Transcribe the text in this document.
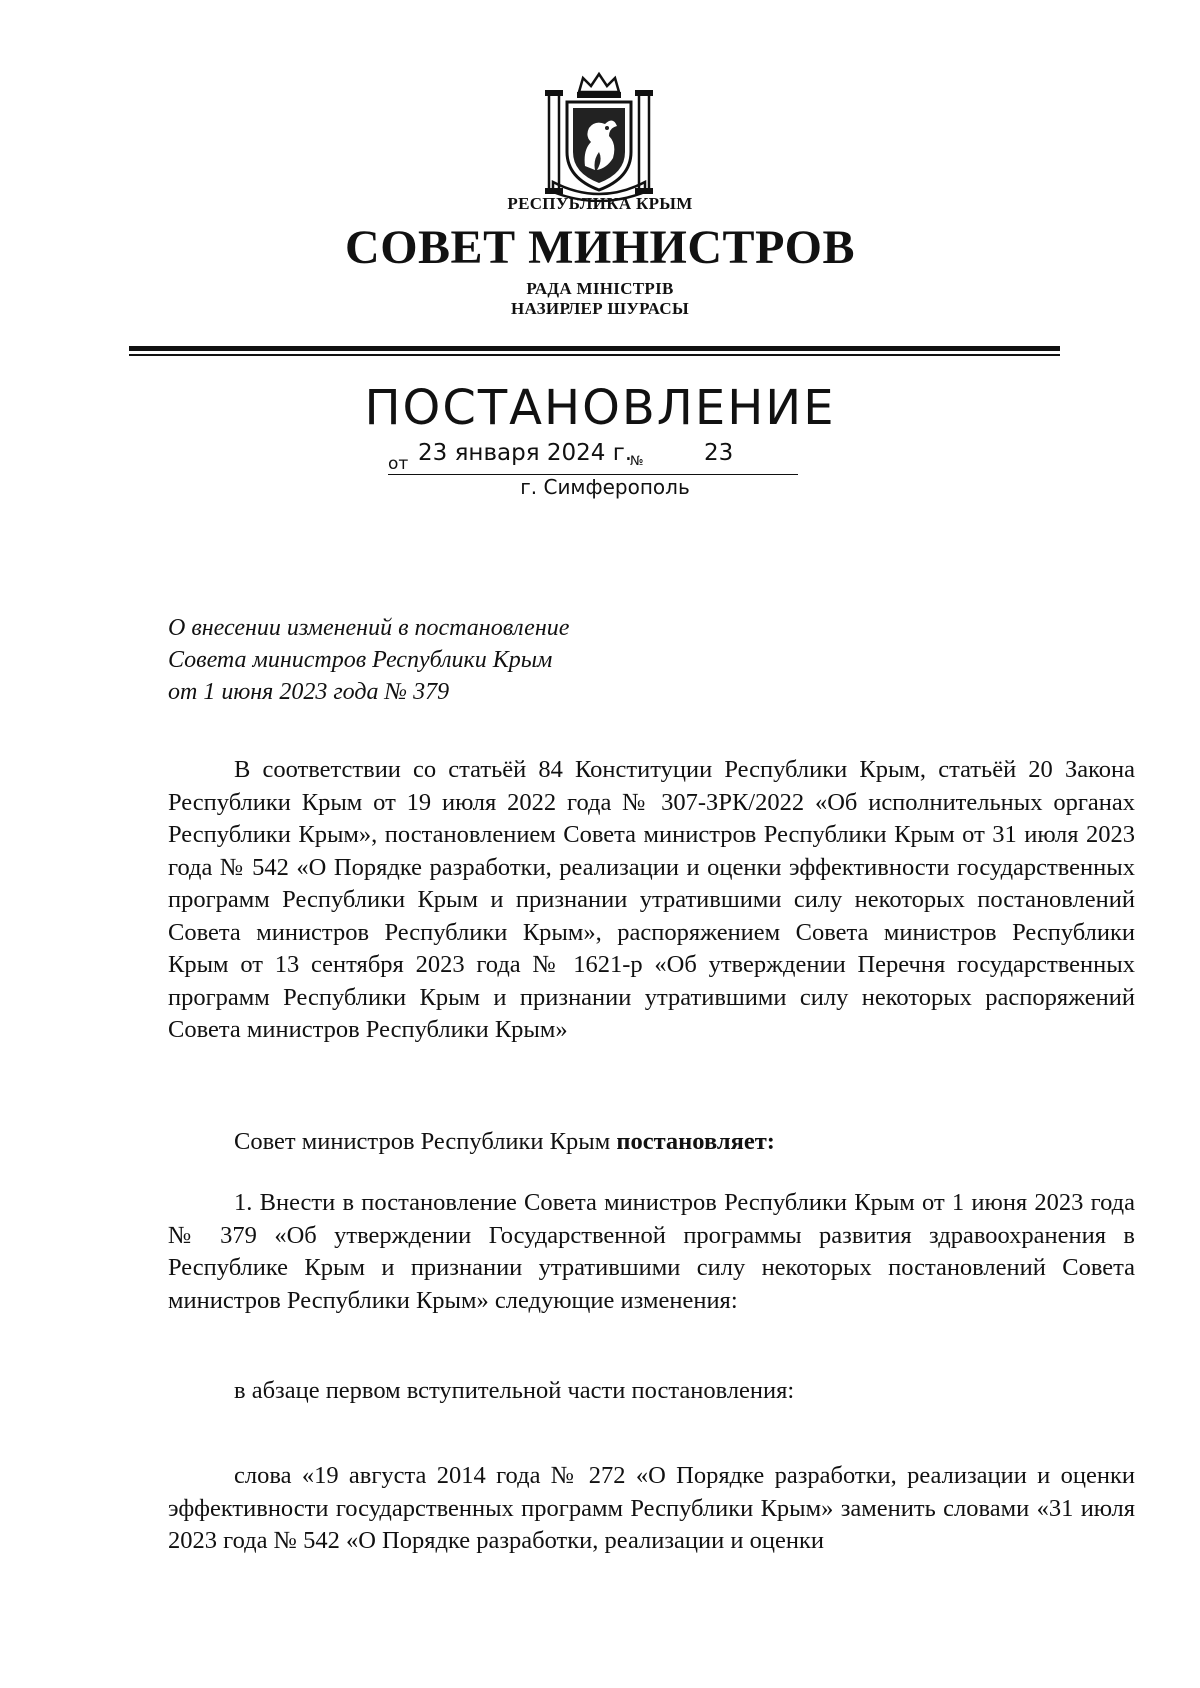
РЕСПУБЛИКА КРЫМ
СОВЕТ МИНИСТРОВ
РАДА МІНІСТРІВ
НАЗИРЛЕР ШУРАСЫ
ПОСТАНОВЛЕНИЕ
от 23 января 2024 г.
№	23
г. Симферополь
О внесении изменений в постановление
Совета министров Республики Крым
от 1 июня 2023 года № 379
В соответствии со статьёй 84 Конституции Республики Крым, статьёй 20 Закона Республики Крым от 19 июля 2022 года № 307-ЗРК/2022 «Об исполнительных органах Республики Крым», постановлением Совета министров Республики Крым от 31 июля 2023 года № 542 «О Порядке разработки, реализации и оценки эффективности государственных программ Республики Крым и признании утратившими силу некоторых постановлений Совета министров Республики Крым», распоряжением Совета министров Республики Крым от 13 сентября 2023 года № 1621-р «Об утверждении Перечня государственных программ Республики Крым и признании утратившими силу некоторых распоряжений Совета министров Республики Крым»
Совет министров Республики Крым постановляет:
1. Внести в постановление Совета министров Республики Крым от 1 июня 2023 года № 379 «Об утверждении Государственной программы развития здравоохранения в Республике Крым и признании утратившими силу некоторых постановлений Совета министров Республики Крым» следующие изменения:
в абзаце первом вступительной части постановления:
слова «19 августа 2014 года № 272 «О Порядке разработки, реализации и оценки эффективности государственных программ Республики Крым» заменить словами «31 июля 2023 года № 542 «О Порядке разработки, реализации и оценки
